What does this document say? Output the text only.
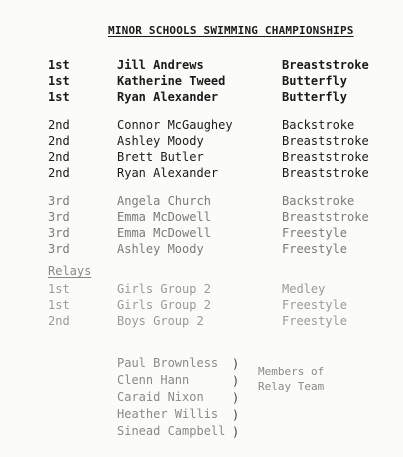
MINOR SCHOOLS SWIMMING CHAMPIONSHIPS
1st	Jill Andrews	Breaststroke
1st	Katherine Tweed	Butterfly
1st	Ryan Alexander	Butterfly
2nd	Connor McGaughey	Backstroke
2nd	Ashley Moody	Breaststroke
2nd	Brett Butler	Breaststroke
2nd	Ryan Alexander	Breaststroke
3rd	Angela Church	Backstroke
3rd	Emma McDowell	Breaststroke
3rd	Emma McDowell	Freestyle
3rd	Ashley Moody	Freestyle
Relays
1st	Girls Group 2	Medley
1st	Girls Group 2	Freestyle
2nd	Boys Group 2	Freestyle
Paul Brownless
Clenn Hann
Caraid Nixon
Heather Willis
Sinead Campbell
)
)
)
)
)
Members of
Relay Team
